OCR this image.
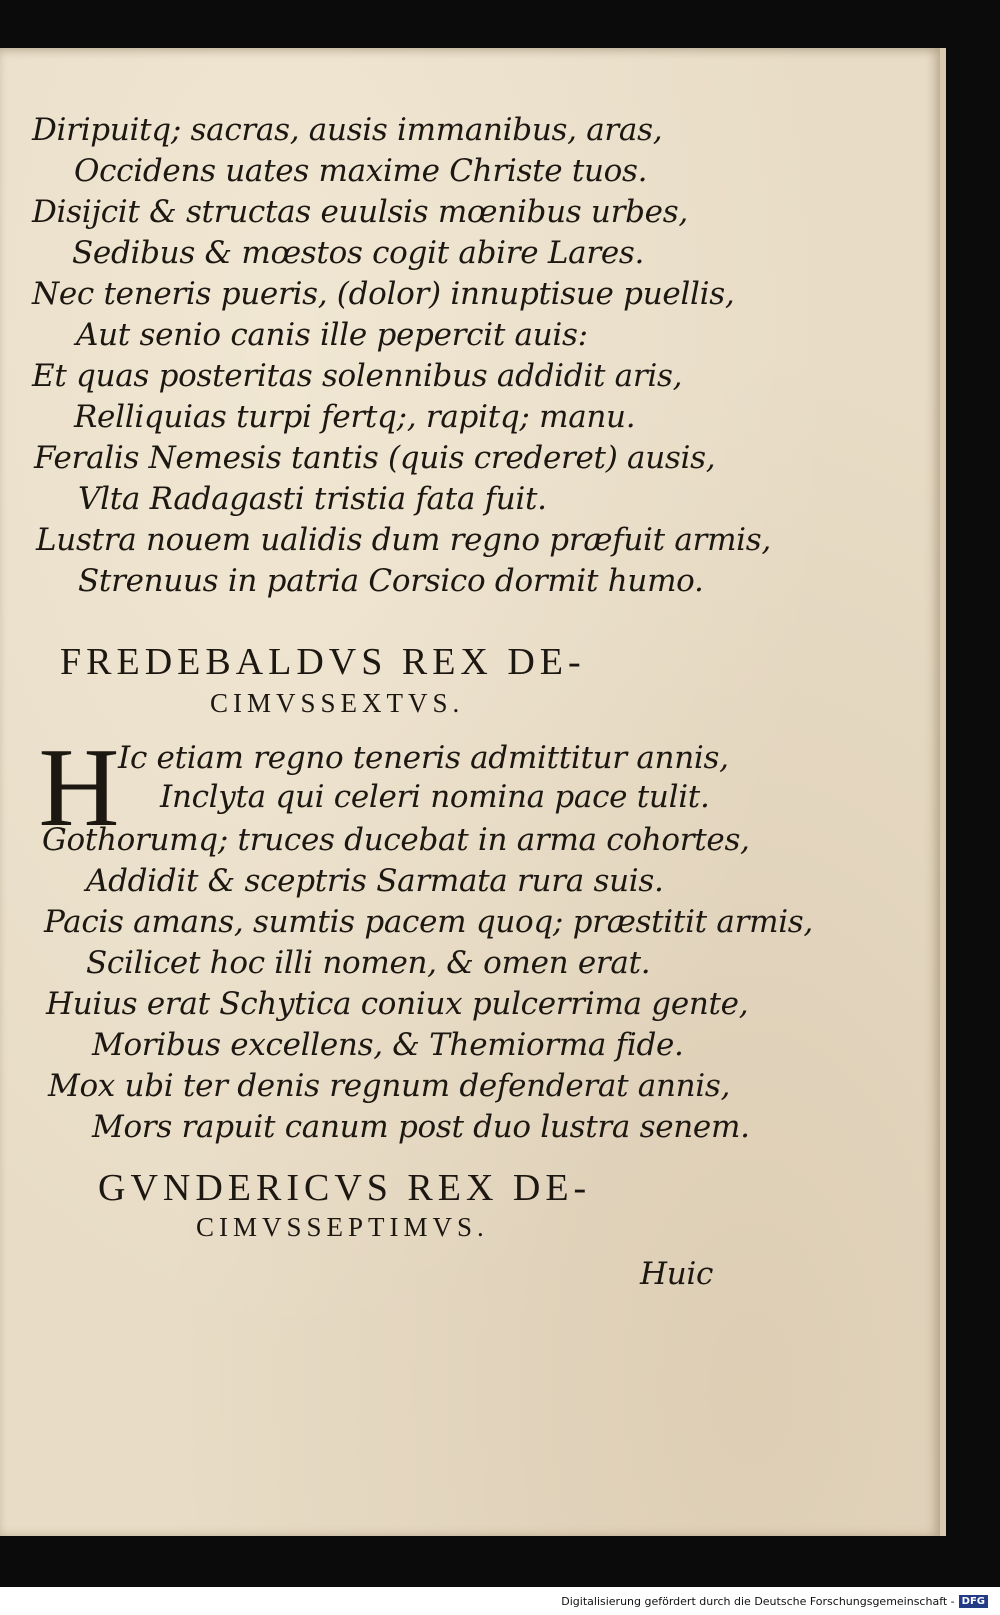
Diripuitq; sacras, ausis immanibus, aras,

Occidens uates maxime Christe tuos.

Disijcit & structas euulsis mœnibus urbes,

Sedibus & mœstos cogit abire Lares.

Nec teneris pueris, (dolor) innuptisue puellis,

Aut senio canis ille pepercit auis:

Et quas posteritas solennibus addidit aris,

Relliquias turpi fertq;, rapitq; manu.

Feralis Nemesis tantis (quis crederet) ausis,

Vlta Radagasti tristia fata fuit.

Lustra nouem ualidis dum regno præfuit armis,

Strenuus in patria Corsico dormit humo.

FREDEBALDVS REX DE-

CIMVSSEXTVS.

H

Ic etiam regno teneris admittitur annis,

Inclyta qui celeri nomina pace tulit.

Gothorumq; truces ducebat in arma cohortes,

Addidit & sceptris Sarmata rura suis.

Pacis amans, sumtis pacem quoq; præstitit armis,

Scilicet hoc illi nomen, & omen erat.

Huius erat Schytica coniux pulcerrima gente,

Moribus excellens, & Themiorma fide.

Mox ubi ter denis regnum defenderat annis,

Mors rapuit canum post duo lustra senem.

GVNDERICVS REX DE-

CIMVSSEPTIMVS.

Huic

Digitalisierung gefördert durch die Deutsche Forschungsgemeinschaft - DFG
